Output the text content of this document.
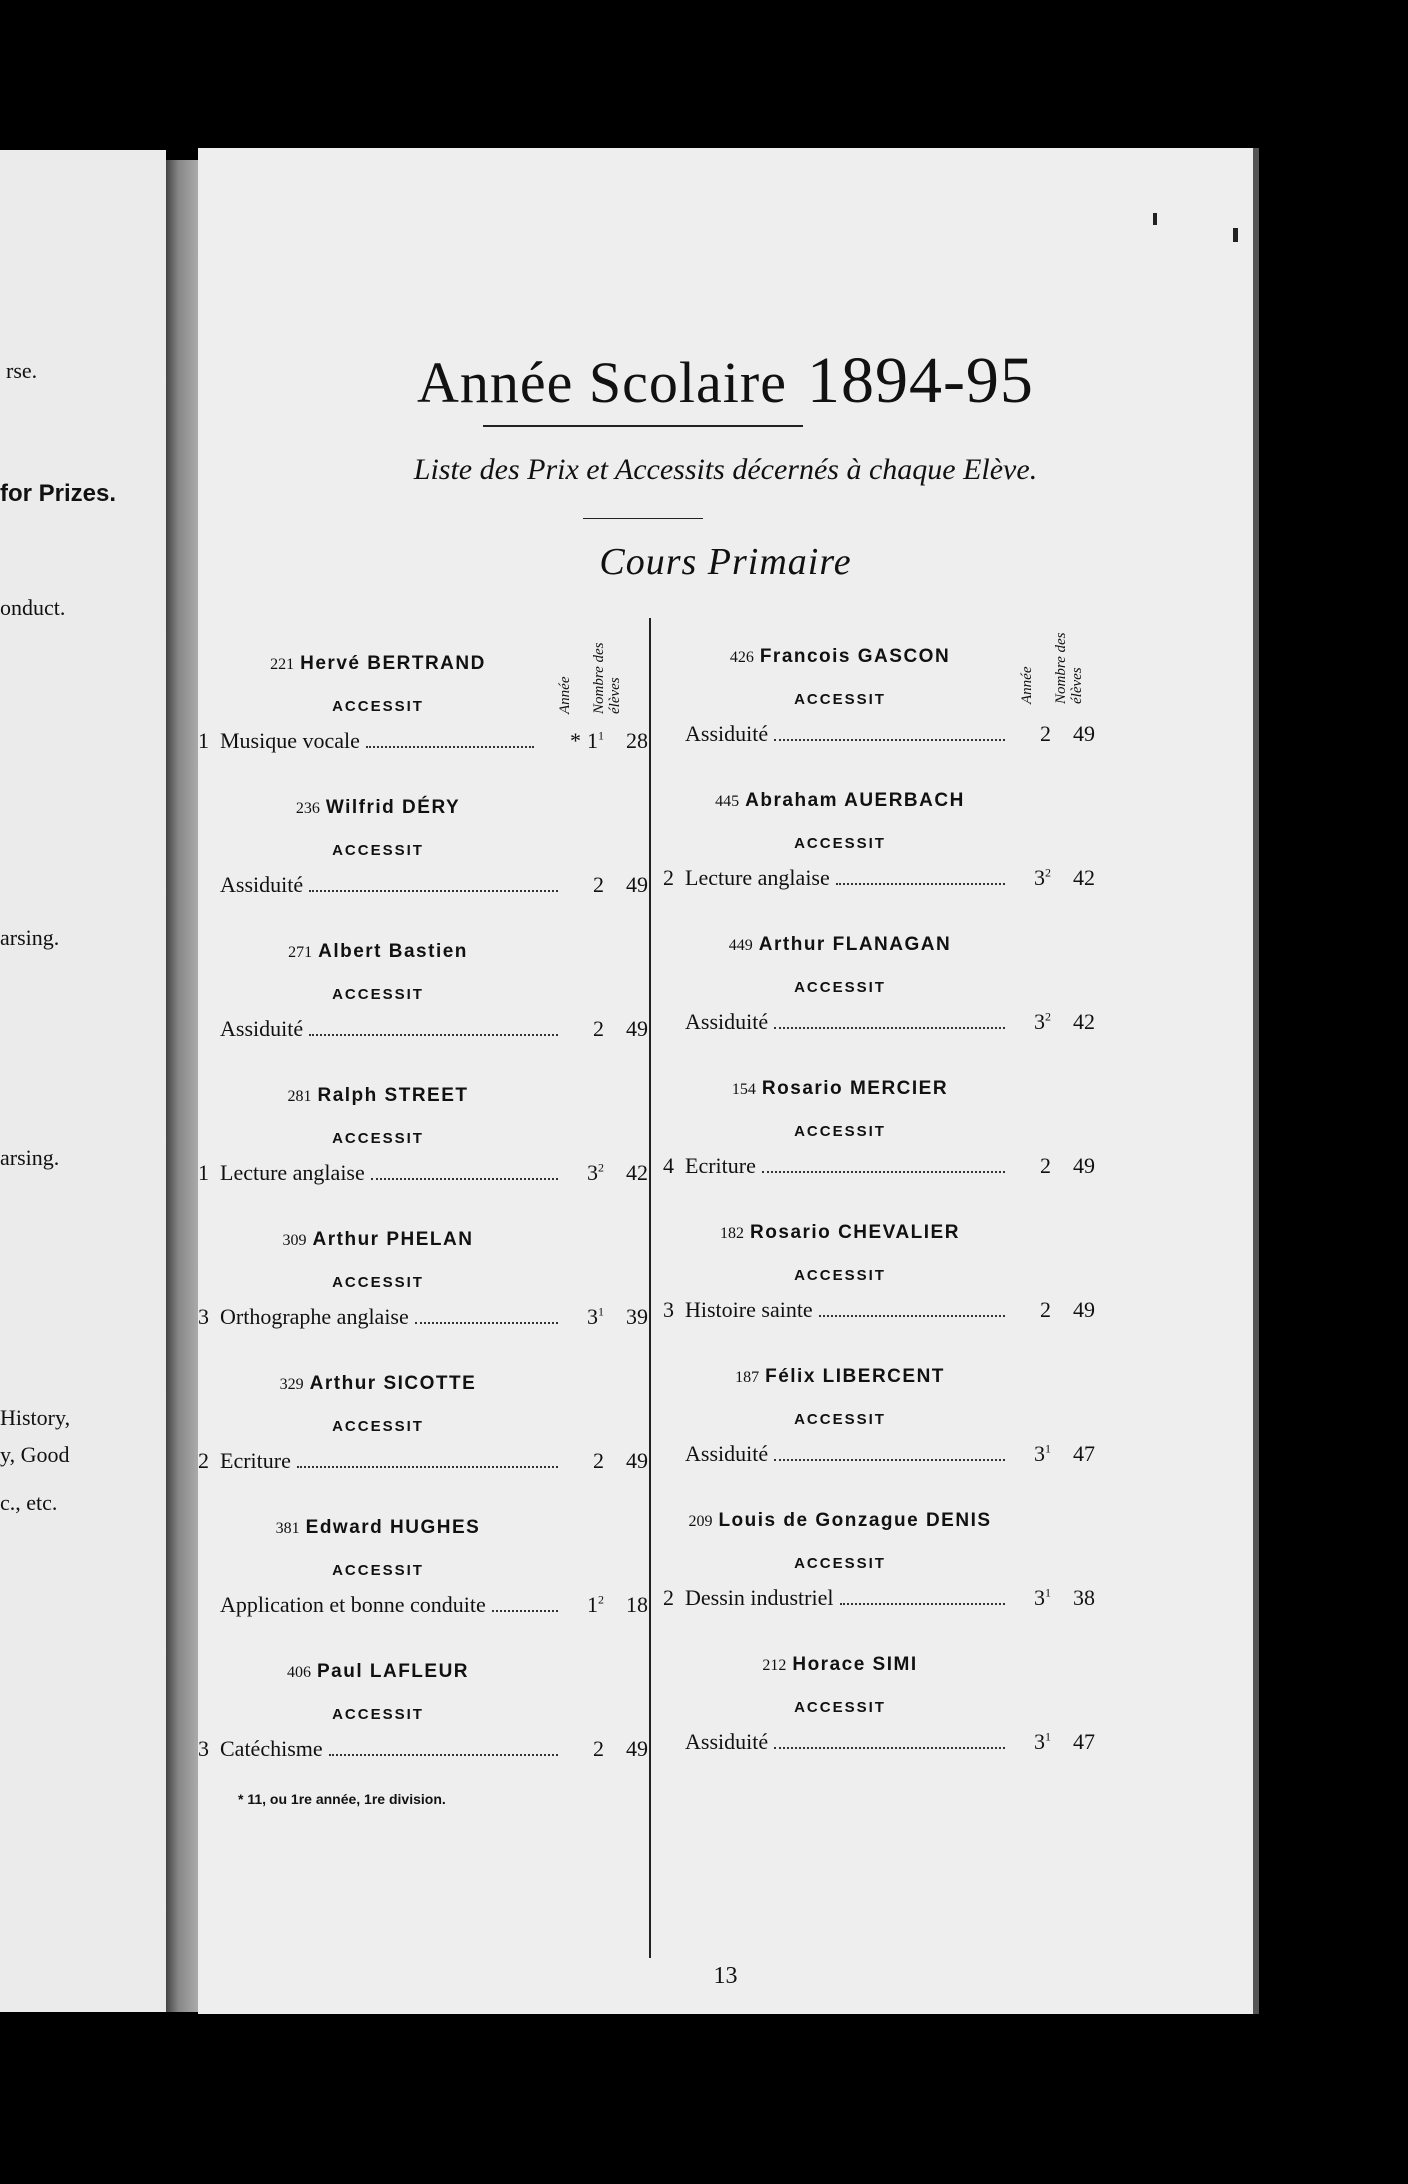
rse.
for Prizes.
onduct.
arsing.
arsing.
History,
y, Good
c., etc.
Année Scolaire 1894-95
Liste des Prix et Accessits décernés à chaque Elève.
Cours Primaire
Année	Nombre des élèves	Année	Nombre des élèves
221 Hervé BERTRAND
ACCESSIT
1 Musique vocale	* $1^1$	28
236 Wilfrid DÉRY
ACCESSIT
Assiduité	2	49
271 Albert Bastien
ACCESSIT
Assiduité	2	49
281 Ralph STREET
ACCESSIT
1 Lecture anglaise	$3^2$	42
309 Arthur PHELAN
ACCESSIT
3 Orthographe anglaise	$3^1$	39
329 Arthur SICOTTE
ACCESSIT
2 Ecriture	2	49
381 Edward HUGHES
ACCESSIT
Application et bonne conduite	$1^2$	18
406 Paul LAFLEUR
ACCESSIT
3 Catéchisme	2	49
426 Francois GASCON
ACCESSIT
Assiduité	2	49
445 Abraham AUERBACH
ACCESSIT
2 Lecture anglaise	$3^2$	42
449 Arthur FLANAGAN
ACCESSIT
Assiduité	$3^2$	42
154 Rosario MERCIER
ACCESSIT
4 Ecriture	2	49
182 Rosario CHEVALIER
ACCESSIT
3 Histoire sainte	2	49
187 Félix LIBERCENT
ACCESSIT
Assiduité	$3^1$	47
209 Louis de Gonzague DENIS
ACCESSIT
2 Dessin industriel	$3^1$	38
212 Horace SIMI
ACCESSIT
Assiduité	$3^1$	47
* 11, ou 1re année, 1re division.
13
